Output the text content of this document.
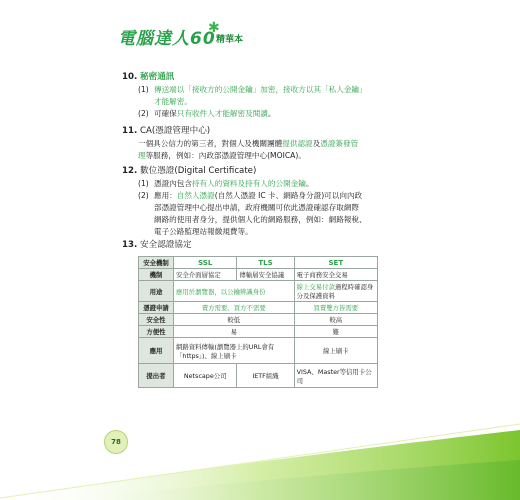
電腦達人60
✱
精華本
10. 秘密通訊
(1) 傳送端以「接收方的公開金鑰」加密，接收方以其「私人金鑰」
才能解密。
(2) 可確保只有收件人才能解密及閱讀。
11. CA(憑證管理中心)
一個具公信力的第三者，對個人及機關團體提供認證及憑證簽發管
理等服務，例如：內政部憑證管理中心(MOICA)。
12. 數位憑證(Digital Certificate)
(1) 憑證內包含持有人的資料及持有人的公開金鑰。
(2) 應用：自然人憑證(自然人憑證 IC 卡、網路身分證)可以向內政
部憑證管理中心提出申請，政府機關可依此憑證確認存取網際
網路的使用者身分，提供個人化的網路服務，例如：網路報稅、
電子公路監理站報繳規費等。
13. 安全認證協定
安全機制	SSL	TLS	SET
機制	安全介面層協定	傳輸層安全協議	電子商務安全交易
用途	應用於瀏覽器，以公鑰辨識身份		線上交易付款過程時確認身分及保護資料
憑證申請	賣方需要、買方不需要		買賣雙方皆需要
安全性	較低		較高
方便性	易		難
應用	網路資料傳輸(瀏覽器上的URL會有「https」)、線上刷卡		線上刷卡
提出者	Netscape公司	IETF組織	VISA、Master等信用卡公司
78
